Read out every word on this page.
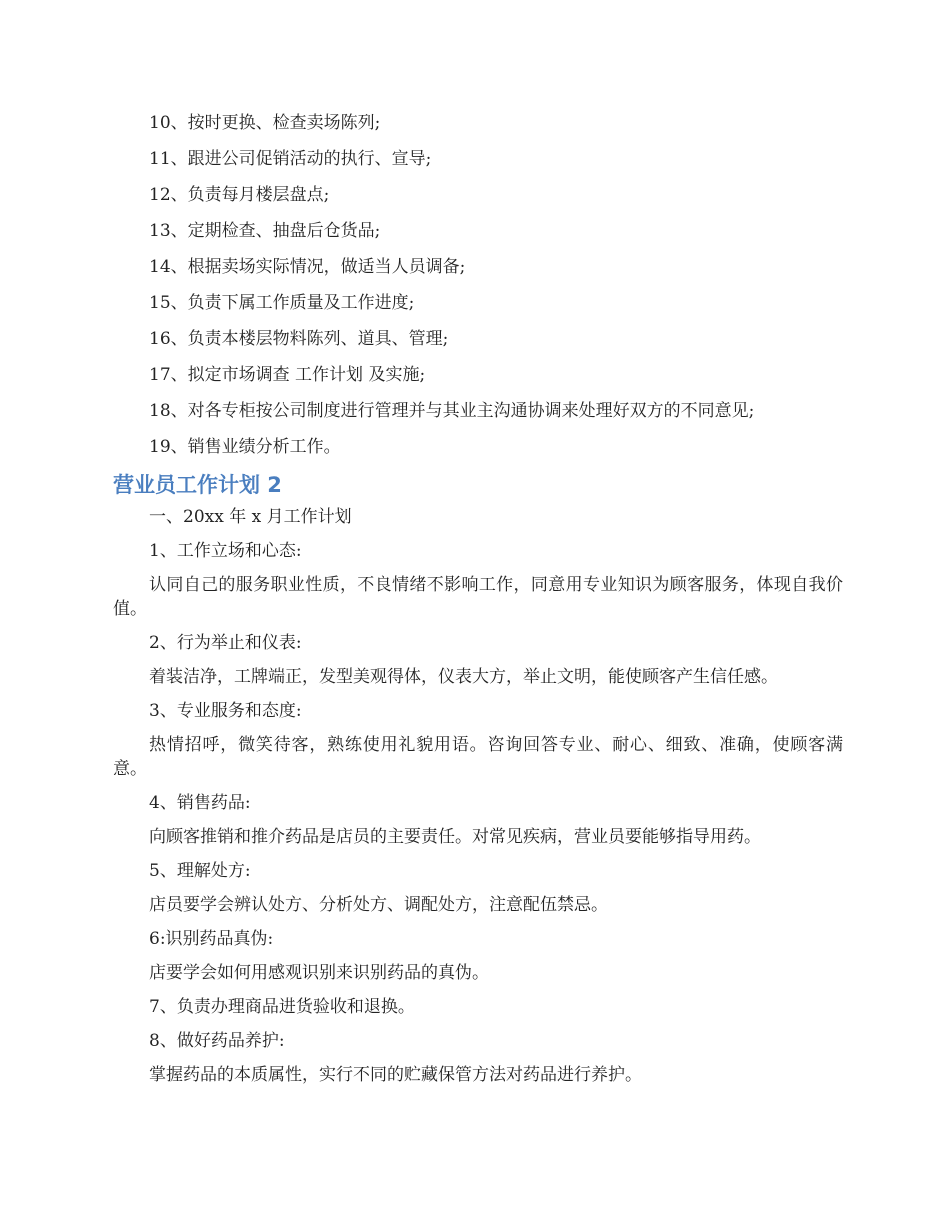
10、按时更换、检查卖场陈列;

11、跟进公司促销活动的执行、宣导;

12、负责每月楼层盘点;

13、定期检查、抽盘后仓货品;

14、根据卖场实际情况，做适当人员调备;

15、负责下属工作质量及工作进度;

16、负责本楼层物料陈列、道具、管理;

17、拟定市场调查 工作计划 及实施;

18、对各专柜按公司制度进行管理并与其业主沟通协调来处理好双方的不同意见;

19、销售业绩分析工作。

营业员工作计划 2

一、20xx 年 x 月工作计划

1、工作立场和心态:

认同自己的服务职业性质，不良情绪不影响工作，同意用专业知识为顾客服务，体现自我价值。

2、行为举止和仪表:

着装洁净，工牌端正，发型美观得体，仪表大方，举止文明，能使顾客产生信任感。

3、专业服务和态度:

热情招呼，微笑待客，熟练使用礼貌用语。咨询回答专业、耐心、细致、准确，使顾客满意。

4、销售药品:

向顾客推销和推介药品是店员的主要责任。对常见疾病，营业员要能够指导用药。

5、理解处方:

店员要学会辨认处方、分析处方、调配处方，注意配伍禁忌。

6:识别药品真伪:

店要学会如何用感观识别来识别药品的真伪。

7、负责办理商品进货验收和退换。

8、做好药品养护:

掌握药品的本质属性，实行不同的贮藏保管方法对药品进行养护。
